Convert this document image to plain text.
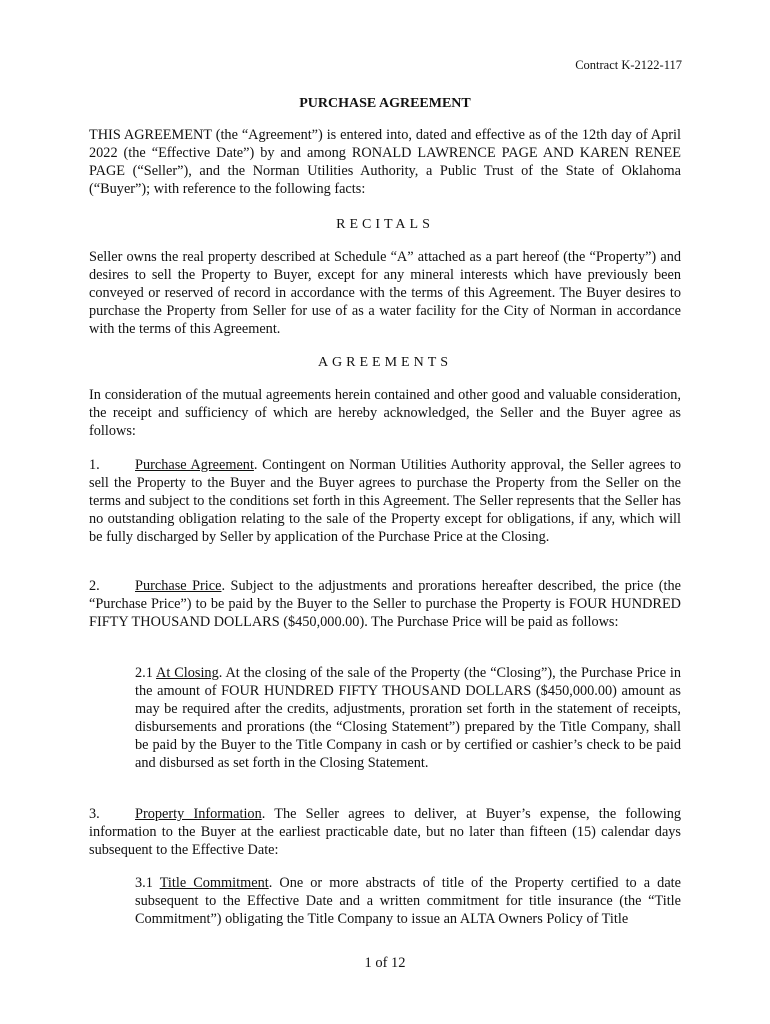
Contract K-2122-117
PURCHASE AGREEMENT
THIS AGREEMENT (the “Agreement”) is entered into, dated and effective as of the 12th day of April 2022 (the “Effective Date”) by and among RONALD LAWRENCE PAGE AND KAREN RENEE PAGE (“Seller”), and the Norman Utilities Authority, a Public Trust of the State of Oklahoma (“Buyer”); with reference to the following facts:
RECITALS
Seller owns the real property described at Schedule “A” attached as a part hereof (the “Property”) and desires to sell the Property to Buyer, except for any mineral interests which have previously been conveyed or reserved of record in accordance with the terms of this Agreement. The Buyer desires to purchase the Property from Seller for use of as a water facility for the City of Norman in accordance with the terms of this Agreement.
AGREEMENTS
In consideration of the mutual agreements herein contained and other good and valuable consideration, the receipt and sufficiency of which are hereby acknowledged, the Seller and the Buyer agree as follows:
1. Purchase Agreement. Contingent on Norman Utilities Authority approval, the Seller agrees to sell the Property to the Buyer and the Buyer agrees to purchase the Property from the Seller on the terms and subject to the conditions set forth in this Agreement. The Seller represents that the Seller has no outstanding obligation relating to the sale of the Property except for obligations, if any, which will be fully discharged by Seller by application of the Purchase Price at the Closing.
2. Purchase Price. Subject to the adjustments and prorations hereafter described, the price (the “Purchase Price”) to be paid by the Buyer to the Seller to purchase the Property is FOUR HUNDRED FIFTY THOUSAND DOLLARS ($450,000.00). The Purchase Price will be paid as follows:
2.1 At Closing. At the closing of the sale of the Property (the “Closing”), the Purchase Price in the amount of FOUR HUNDRED FIFTY THOUSAND DOLLARS ($450,000.00) amount as may be required after the credits, adjustments, proration set forth in the statement of receipts, disbursements and prorations (the “Closing Statement”) prepared by the Title Company, shall be paid by the Buyer to the Title Company in cash or by certified or cashier’s check to be paid and disbursed as set forth in the Closing Statement.
3. Property Information. The Seller agrees to deliver, at Buyer’s expense, the following information to the Buyer at the earliest practicable date, but no later than fifteen (15) calendar days subsequent to the Effective Date:
3.1 Title Commitment. One or more abstracts of title of the Property certified to a date subsequent to the Effective Date and a written commitment for title insurance (the “Title Commitment”) obligating the Title Company to issue an ALTA Owners Policy of Title
1 of 12
